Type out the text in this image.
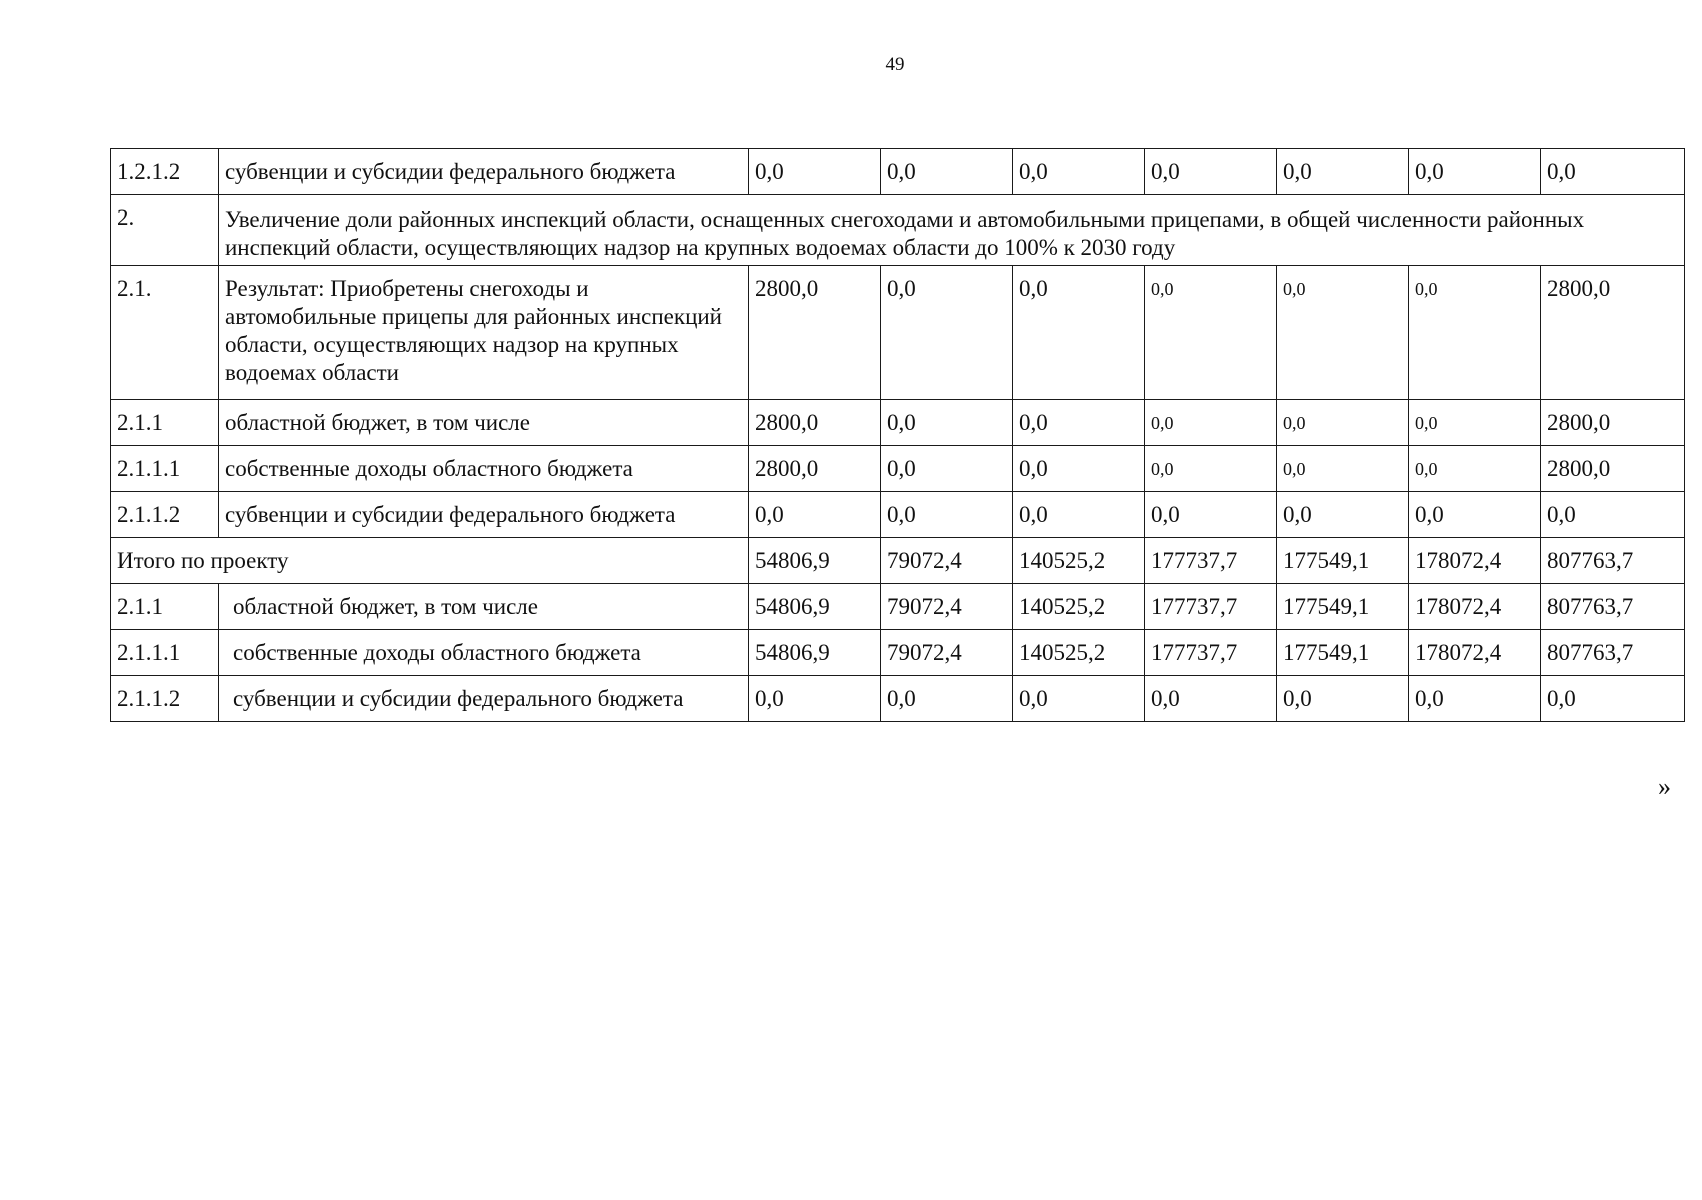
49
1.2.1.2	субвенции и субсидии федерального бюджета	0,0	0,0	0,0	0,0	0,0	0,0	0,0
2.	Увеличение доли районных инспекций области, оснащенных снегоходами и автомобильными прицепами, в общей численности районных инспекций области, осуществляющих надзор на крупных водоемах области до 100% к 2030 году							
2.1.	Результат: Приобретены снегоходы и автомобильные прицепы для районных инспекций области, осуществляющих надзор на крупных водоемах области	2800,0	0,0	0,0	0,0	0,0	0,0	2800,0
2.1.1	областной бюджет, в том числе	2800,0	0,0	0,0	0,0	0,0	0,0	2800,0
2.1.1.1	собственные доходы областного бюджета	2800,0	0,0	0,0	0,0	0,0	0,0	2800,0
2.1.1.2	субвенции и субсидии федерального бюджета	0,0	0,0	0,0	0,0	0,0	0,0	0,0
Итого по проекту		54806,9	79072,4	140525,2	177737,7	177549,1	178072,4	807763,7
2.1.1	областной бюджет, в том числе	54806,9	79072,4	140525,2	177737,7	177549,1	178072,4	807763,7
2.1.1.1	собственные доходы областного бюджета	54806,9	79072,4	140525,2	177737,7	177549,1	178072,4	807763,7
2.1.1.2	субвенции и субсидии федерального бюджета	0,0	0,0	0,0	0,0	0,0	0,0	0,0
»
